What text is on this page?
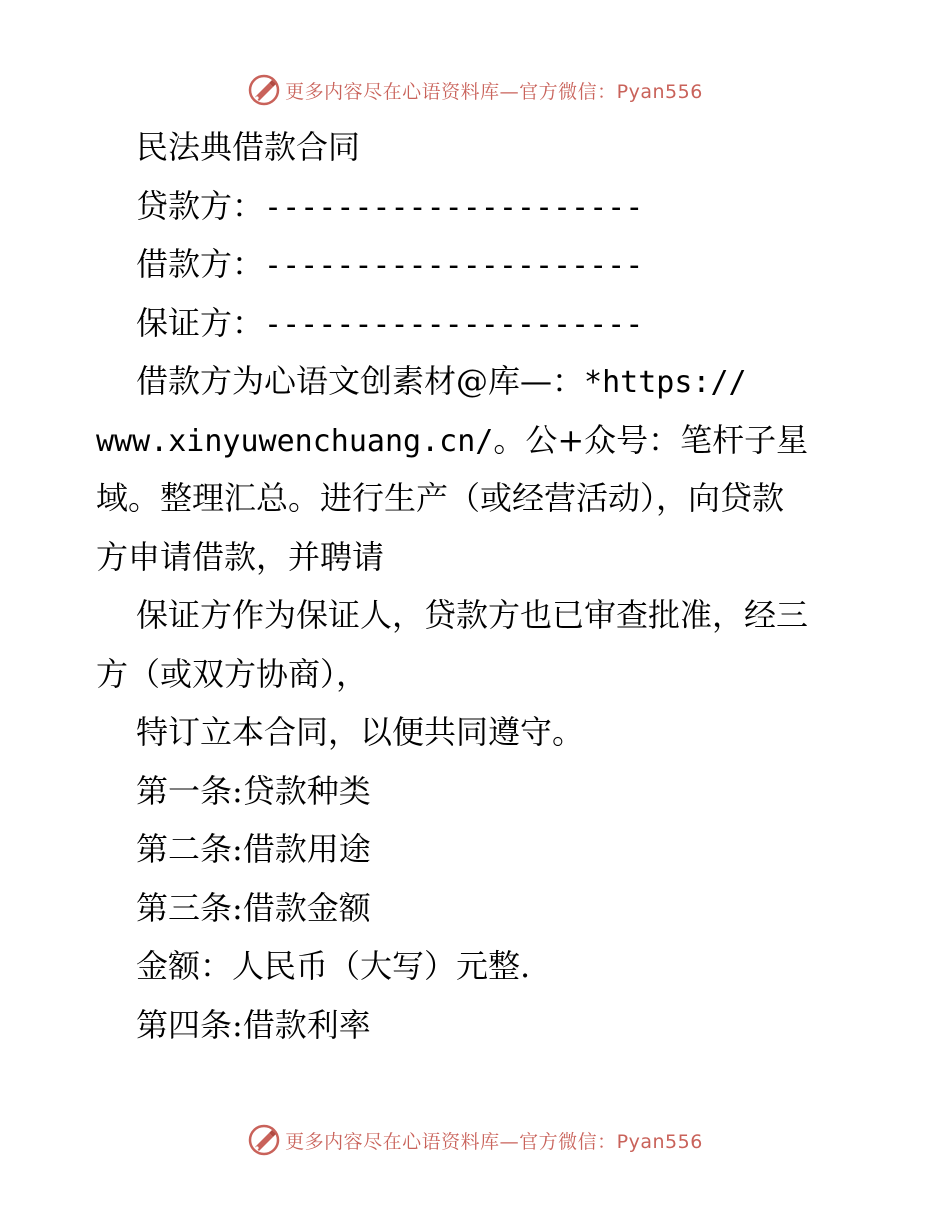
更多内容尽在心语资料库—官方微信：Pyan556
民法典借款合同
贷款方：---------------------
借款方：---------------------
保证方：---------------------
借款方为心语文创素材@库—：*https://
www.xinyuwenchuang.cn/。公+众号：笔杆子星
域。整理汇总。进行生产（或经营活动），向贷款
方申请借款，并聘请
保证方作为保证人，贷款方也已审查批准，经三
方（或双方协商），
特订立本合同，以便共同遵守。
第一条:贷款种类
第二条:借款用途
第三条:借款金额
金额：人民币（大写）元整.
第四条:借款利率
更多内容尽在心语资料库—官方微信：Pyan556
